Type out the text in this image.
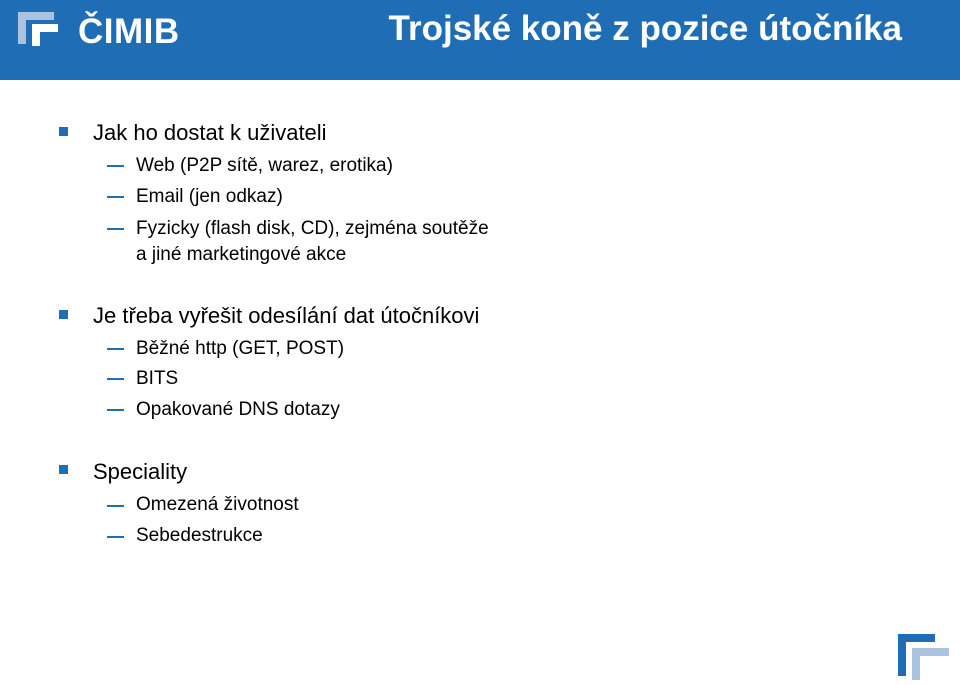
ČIMIB	Trojské koně z pozice útočníka
Jak ho dostat k uživateli
Web (P2P sítě, warez, erotika)
Email (jen odkaz)
Fyzicky (flash disk, CD), zejména soutěže
a jiné marketingové akce
Je třeba vyřešit odesílání dat útočníkovi
Běžné http (GET, POST)
BITS
Opakované DNS dotazy
Speciality
Omezená životnost
Sebedestrukce
